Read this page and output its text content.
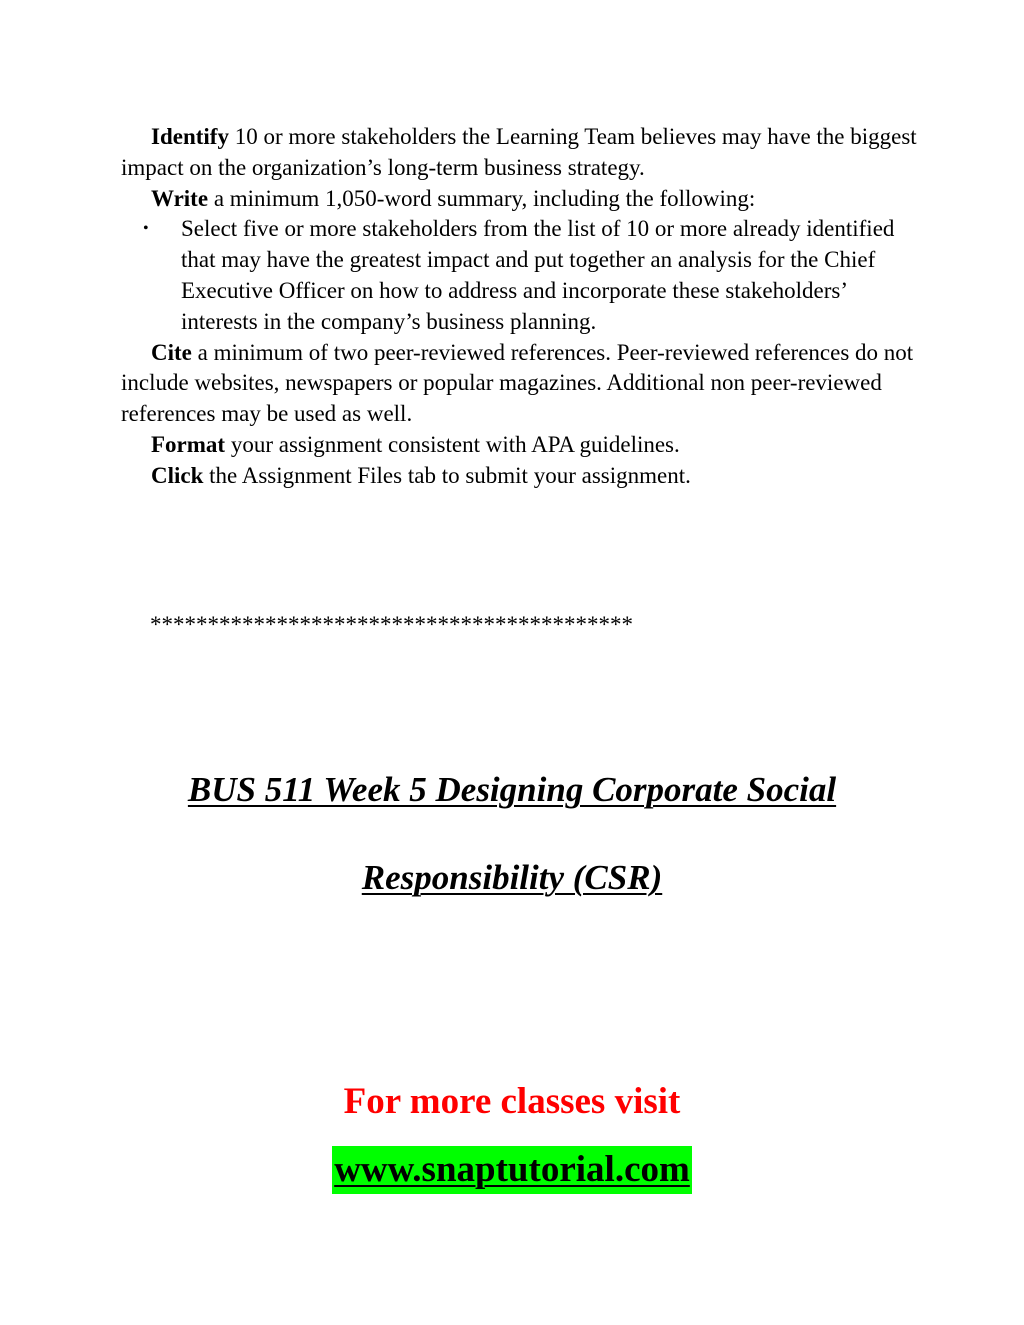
Identify 10 or more stakeholders the Learning Team believes may have the biggest impact on the organization’s long-term business strategy.

Write a minimum 1,050-word summary, including the following:

• Select five or more stakeholders from the list of 10 or more already identified that may have the greatest impact and put together an analysis for the Chief Executive Officer on how to address and incorporate these stakeholders’ interests in the company’s business planning.

Cite a minimum of two peer-reviewed references. Peer-reviewed references do not include websites, newspapers or popular magazines. Additional non peer-reviewed references may be used as well.

Format your assignment consistent with APA guidelines.

Click the Assignment Files tab to submit your assignment.

******************************************
BUS 511 Week 5 Designing Corporate Social
Responsibility (CSR)
For more classes visit
www.snaptutorial.com
